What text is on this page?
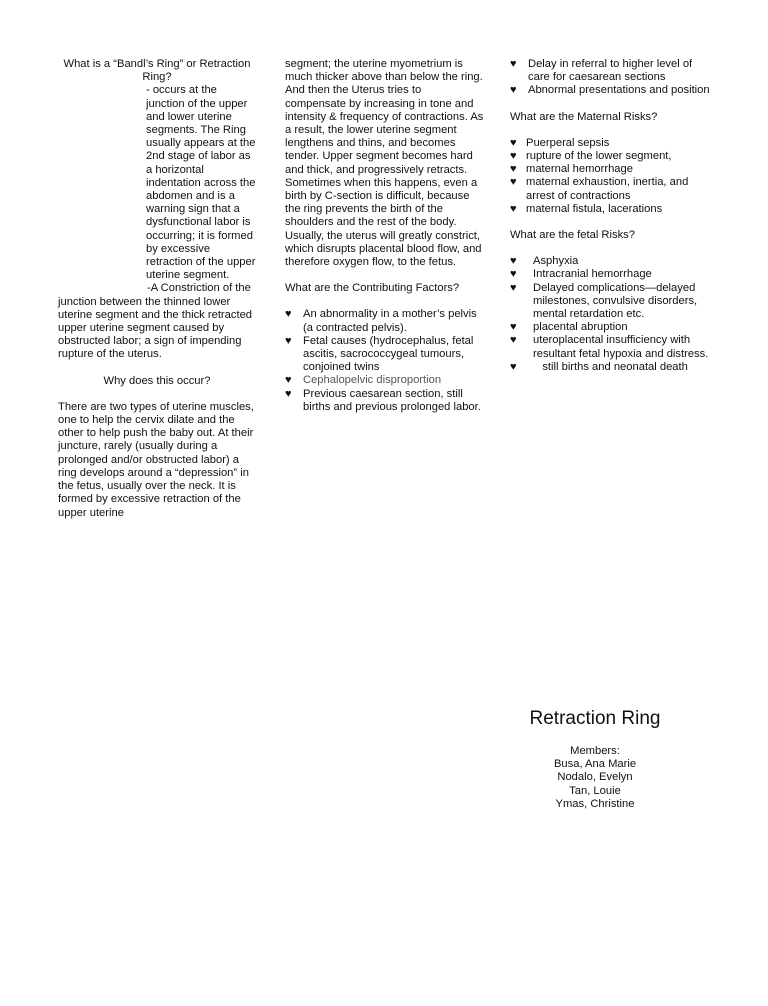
What is a “Bandl’s Ring” or Retraction Ring?

- occurs at the junction of the upper and lower uterine segments. The Ring usually appears at the 2nd stage of labor as a horizontal indentation across the abdomen and is a warning sign that a dysfunctional labor is occurring; it is formed by excessive retraction of the upper uterine segment.

-A Constriction of the junction between the thinned lower uterine segment and the thick retracted upper uterine segment caused by obstructed labor; a sign of impending rupture of the uterus.

Why does this occur?

There are two types of uterine muscles, one to help the cervix dilate and the other to help push the baby out. At their juncture, rarely (usually during a prolonged and/or obstructed labor) a ring develops around a “depression” in the fetus, usually over the neck. It is formed by excessive retraction of the upper uterine

segment; the uterine myometrium is much thicker above than below the ring. And then the Uterus tries to compensate by increasing in tone and intensity & frequency of contractions. As a result, the lower uterine segment lengthens and thins, and becomes tender. Upper segment becomes hard and thick, and progressively retracts. Sometimes when this happens, even a birth by C-section is difficult, because the ring prevents the birth of the shoulders and the rest of the body. Usually, the uterus will greatly constrict, which disrupts placental blood flow, and therefore oxygen flow, to the fetus.

What are the Contributing Factors?

♥ An abnormality in a mother’s pelvis (a contracted pelvis).
♥ Fetal causes (hydrocephalus, fetal ascitis, sacrococcygeal tumours, conjoined twins
♥ Cephalopelvic disproportion
♥ Previous caesarean section, still births and previous prolonged labor.
♥ Delay in referral to higher level of care for caesarean sections
♥ Abnormal presentations and position

What are the Maternal Risks?

♥ Puerperal sepsis
♥ rupture of the lower segment,
♥ maternal hemorrhage
♥ maternal exhaustion, inertia, and arrest of contractions
♥ maternal fistula, lacerations

What are the fetal Risks?

♥ Asphyxia
♥ Intracranial hemorrhage
♥ Delayed complications—delayed milestones, convulsive disorders, mental retardation etc.
♥ placental abruption
♥ uteroplacental insufficiency with resultant fetal hypoxia and distress.
♥ still births and neonatal death
Retraction Ring
Members:
Busa, Ana Marie
Nodalo, Evelyn
Tan, Louie
Ymas, Christine
